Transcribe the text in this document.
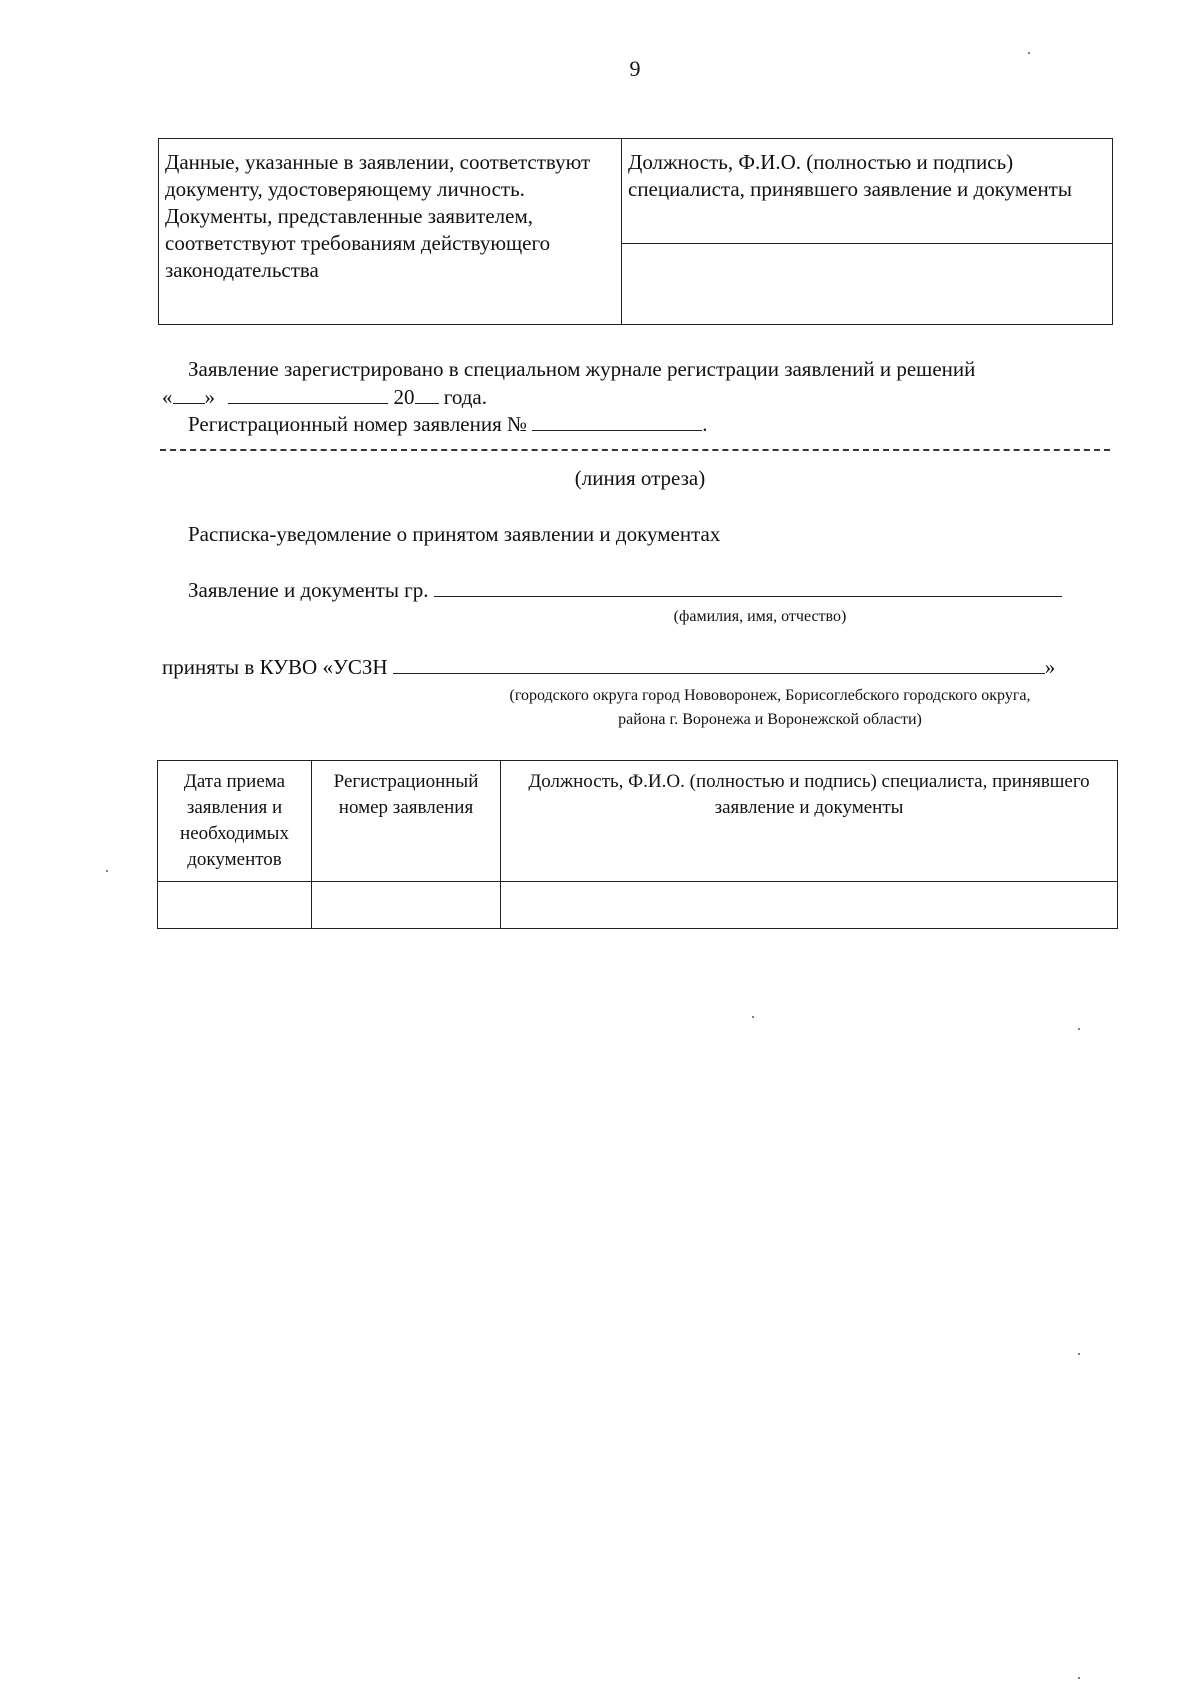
9
Данные, указанные в заявлении, соответствуют документу, удостоверяющему личность. Документы, представленные заявителем, соответствуют требованиям действующего законодательства	Должность, Ф.И.О. (полностью и подпись) специалиста, принявшего заявление и документы

Заявление зарегистрировано в специальном журнале регистрации заявлений и решений
« »	20 года.
Регистрационный номер заявления №	.
(линия отреза)
Расписка-уведомление о принятом заявлении и документах
Заявление и документы гр.
(фамилия, имя, отчество)
приняты в КУВО «УСЗН	»
(городского округа город Нововоронеж, Борисоглебского городского округа,
района г. Воронежа и Воронежской области)
Дата приема заявления и необходимых документов	Регистрационный номер заявления	Должность, Ф.И.О. (полностью и подпись) специалиста, принявшего заявление и документы
